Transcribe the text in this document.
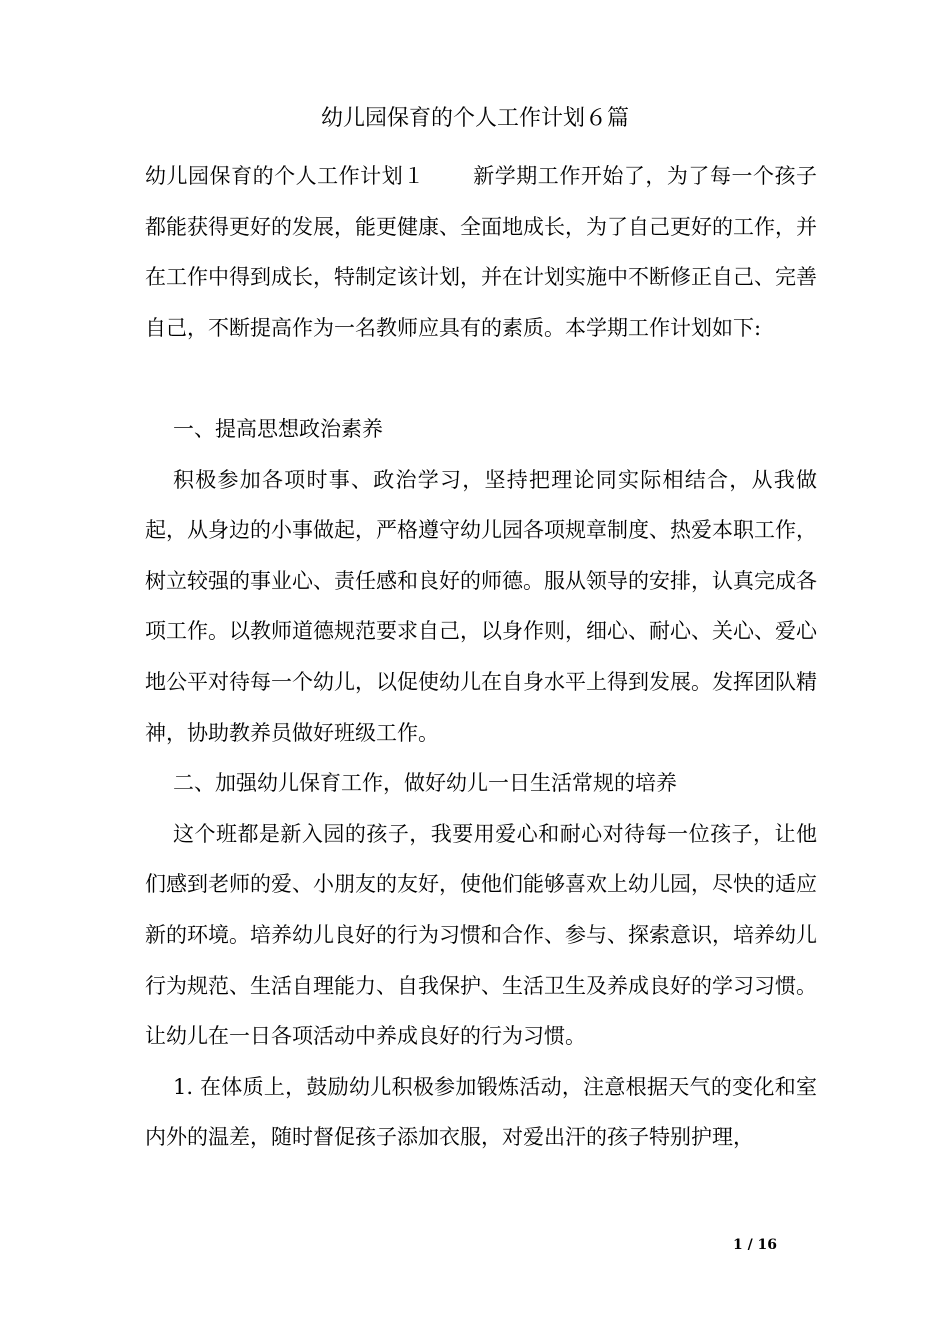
幼儿园保育的个人工作计划６篇

幼儿园保育的个人工作计划１ 新学期工作开始了，为了每一个孩子都能获得更好的发展，能更健康、全面地成长，为了自己更好的工作，并在工作中得到成长，特制定该计划，并在计划实施中不断修正自己、完善自己，不断提高作为一名教师应具有的素质。本学期工作计划如下:

一、提高思想政治素养

积极参加各项时事、政治学习，坚持把理论同实际相结合，从我做起，从身边的小事做起，严格遵守幼儿园各项规章制度、热爱本职工作，树立较强的事业心、责任感和良好的师德。服从领导的安排，认真完成各项工作。以教师道德规范要求自己，以身作则，细心、耐心、关心、爱心地公平对待每一个幼儿，以促使幼儿在自身水平上得到发展。发挥团队精神，协助教养员做好班级工作。

二、加强幼儿保育工作，做好幼儿一日生活常规的培养

这个班都是新入园的孩子，我要用爱心和耐心对待每一位孩子，让他们感到老师的爱、小朋友的友好，使他们能够喜欢上幼儿园，尽快的适应新的环境。培养幼儿良好的行为习惯和合作、参与、探索意识，培养幼儿行为规范、生活自理能力、自我保护、生活卫生及养成良好的学习习惯。让幼儿在一日各项活动中养成良好的行为习惯。

1. 在体质上，鼓励幼儿积极参加锻炼活动，注意根据天气的变化和室内外的温差，随时督促孩子添加衣服，对爱出汗的孩子特别护理，

1 / 16
